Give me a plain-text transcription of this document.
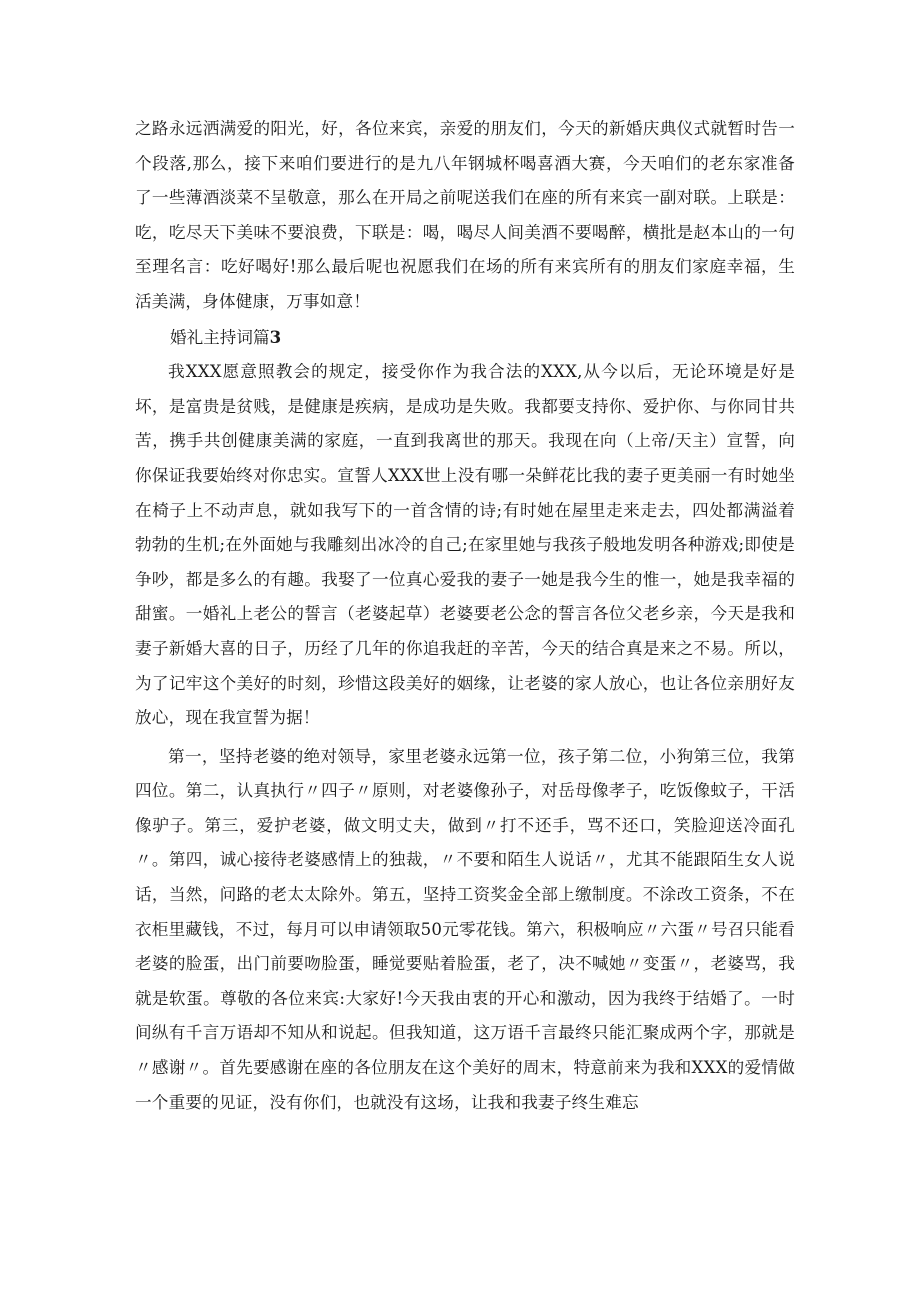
之路永远洒满爱的阳光，好，各位来宾，亲爱的朋友们，今天的新婚庆典仪式就暂时告一个段落,那么，接下来咱们要进行的是九八年钢城杯喝喜酒大赛，今天咱们的老东家准备了一些薄酒淡菜不呈敬意，那么在开局之前呢送我们在座的所有来宾一副对联。上联是：吃，吃尽天下美味不要浪费，下联是：喝，喝尽人间美酒不要喝醉，横批是赵本山的一句至理名言：吃好喝好!那么最后呢也祝愿我们在场的所有来宾所有的朋友们家庭幸福，生活美满，身体健康，万事如意！

婚礼主持词篇3

我XXX愿意照教会的规定，接受你作为我合法的XXX,从今以后，无论环境是好是坏，是富贵是贫贱，是健康是疾病，是成功是失败。我都要支持你、爱护你、与你同甘共苦，携手共创健康美满的家庭，一直到我离世的那天。我现在向（上帝/天主）宣誓，向你保证我要始终对你忠实。宣誓人XXX世上没有哪一朵鲜花比我的妻子更美丽一有时她坐在椅子上不动声息，就如我写下的一首含情的诗;有时她在屋里走来走去，四处都满溢着勃勃的生机;在外面她与我雕刻出冰冷的自己;在家里她与我孩子般地发明各种游戏;即使是争吵，都是多么的有趣。我娶了一位真心爱我的妻子一她是我今生的惟一，她是我幸福的甜蜜。一婚礼上老公的誓言（老婆起草）老婆要老公念的誓言各位父老乡亲，今天是我和妻子新婚大喜的日子，历经了几年的你追我赶的辛苦，今天的结合真是来之不易。所以，为了记牢这个美好的时刻，珍惜这段美好的姻缘，让老婆的家人放心，也让各位亲朋好友放心，现在我宣誓为据！

第一，坚持老婆的绝对领导，家里老婆永远第一位，孩子第二位，小狗第三位，我第四位。第二，认真执行〃四子〃原则，对老婆像孙子，对岳母像孝子，吃饭像蚊子，干活像驴子。第三，爱护老婆，做文明丈夫，做到〃打不还手，骂不还口，笑脸迎送冷面孔〃。第四，诚心接待老婆感情上的独裁，〃不要和陌生人说话〃，尤其不能跟陌生女人说话，当然，问路的老太太除外。第五，坚持工资奖金全部上缴制度。不涂改工资条，不在衣柜里藏钱，不过，每月可以申请领取50元零花钱。第六，积极响应〃六蛋〃号召只能看老婆的脸蛋，出门前要吻脸蛋，睡觉要贴着脸蛋，老了，决不喊她〃变蛋〃，老婆骂，我就是软蛋。尊敬的各位来宾:大家好!今天我由衷的开心和激动，因为我终于结婚了。一时间纵有千言万语却不知从和说起。但我知道，这万语千言最终只能汇聚成两个字，那就是〃感谢〃。首先要感谢在座的各位朋友在这个美好的周末，特意前来为我和XXX的爱情做一个重要的见证，没有你们，也就没有这场，让我和我妻子终生难忘
